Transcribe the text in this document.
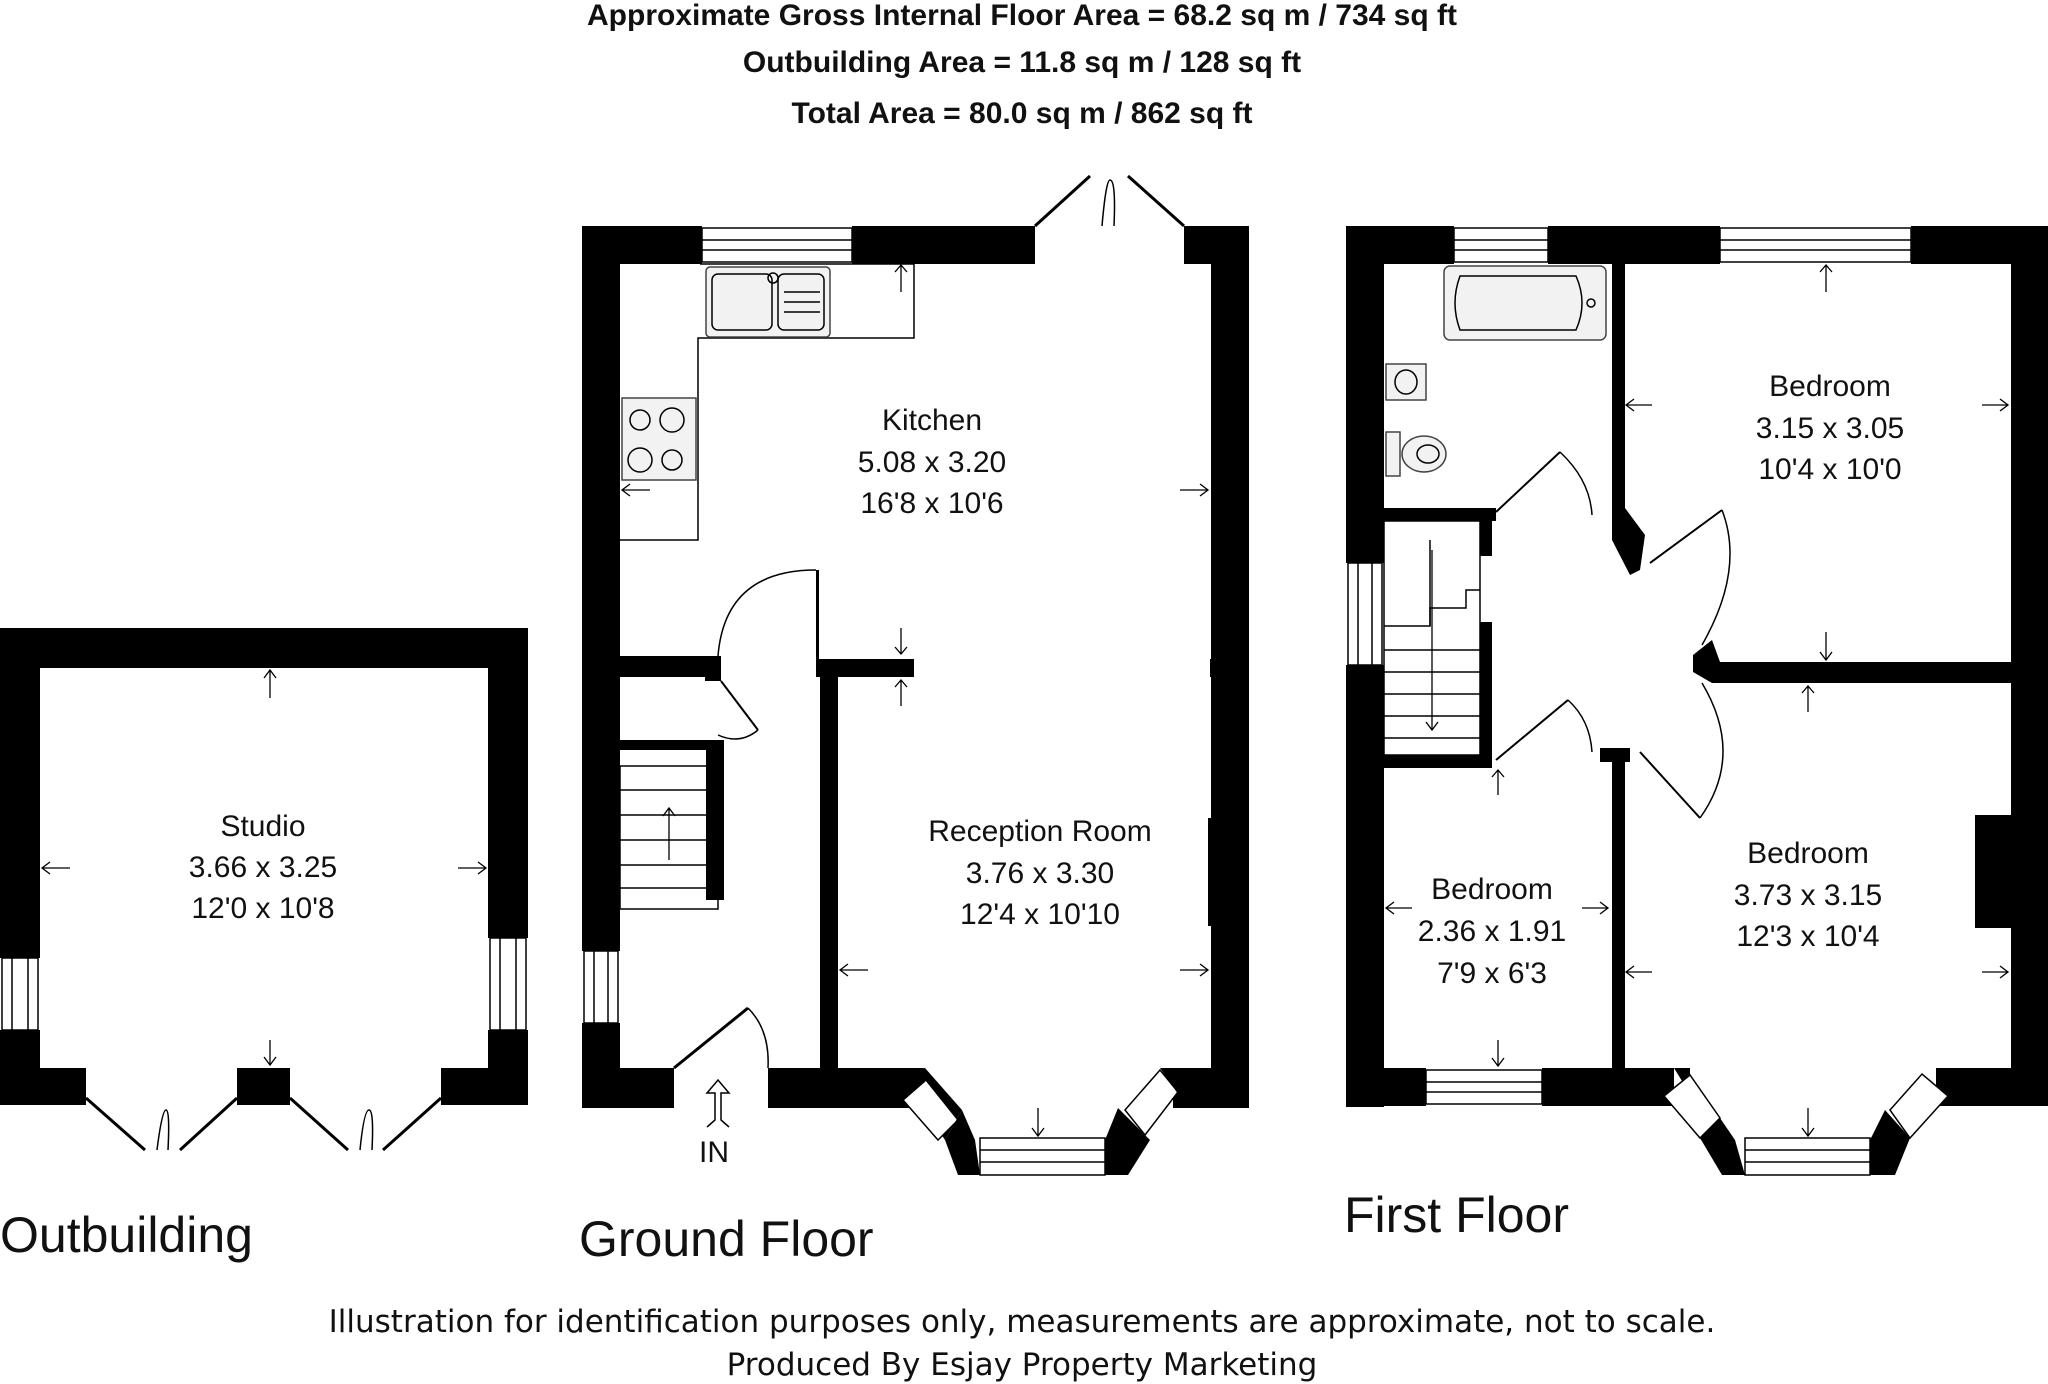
Approximate Gross Internal Floor Area = 68.2 sq m / 734 sq ft
Outbuilding Area = 11.8 sq m / 128 sq ft
Total Area = 80.0 sq m / 862 sq ft
Studio
3.66 x 3.25
12'0 x 10'8
Outbuilding
Kitchen
5.08 x 3.20
16'8 x 10'6
Reception Room
3.76 x 3.30
12'4 x 10'10
IN
Ground Floor
Bedroom
3.15 x 3.05
10'4 x 10'0
Bedroom
2.36 x 1.91
7'9 x 6'3
Bedroom
3.73 x 3.15
12'3 x 10'4
First Floor
Illustration for identification purposes only, measurements are approximate, not to scale.
Produced By Esjay Property Marketing
